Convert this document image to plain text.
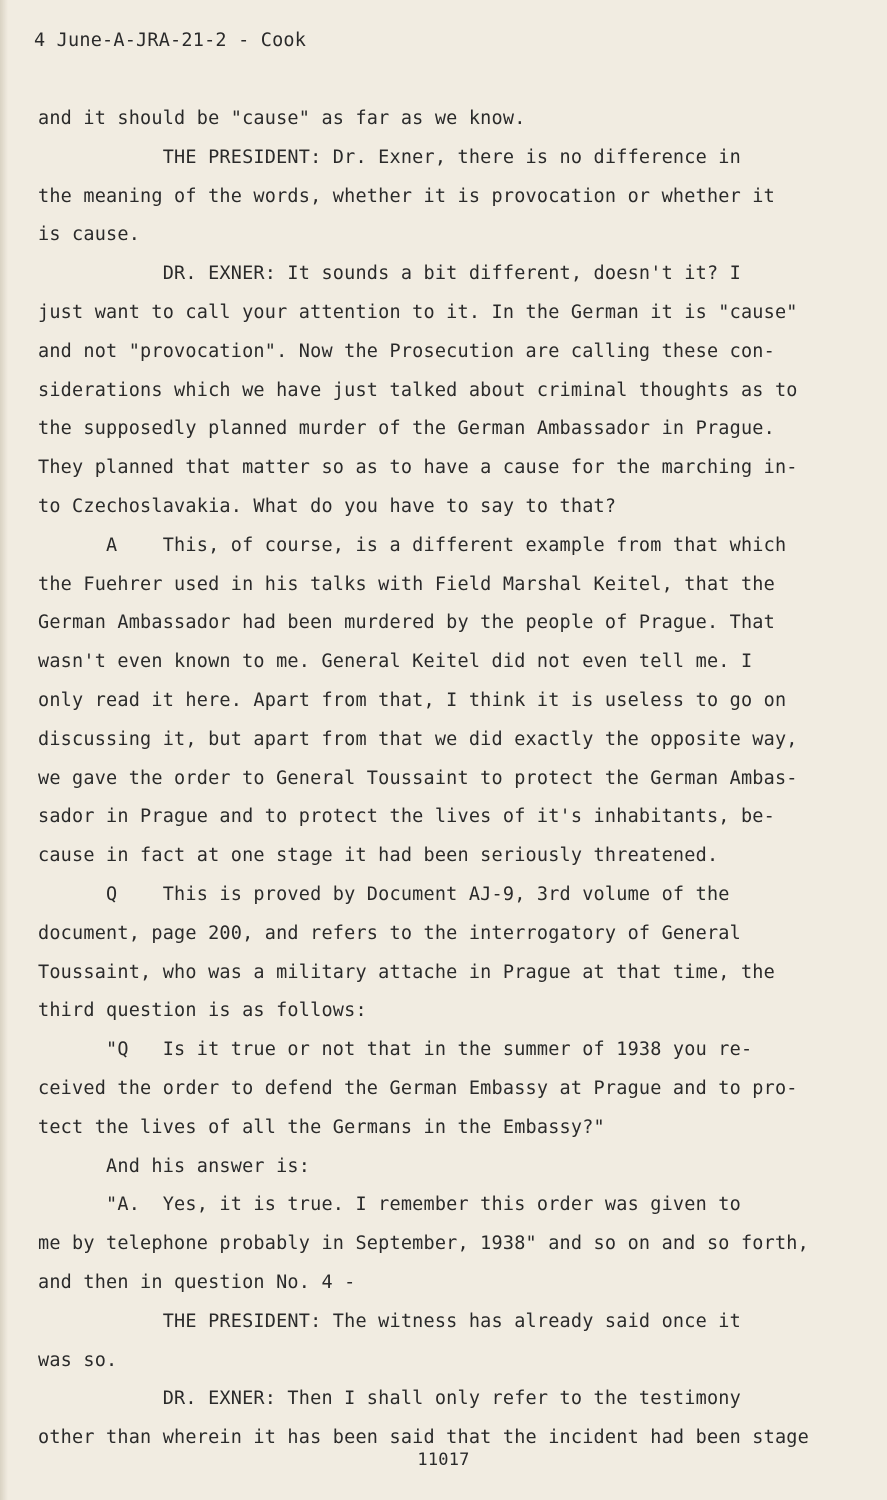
4 June-A-JRA-21-2 - Cook
and it should be "cause" as far as we know.
THE PRESIDENT: Dr. Exner, there is no difference in
the meaning of the words, whether it is provocation or whether it
is cause.
DR. EXNER: It sounds a bit different, doesn't it? I
just want to call your attention to it. In the German it is "cause"
and not "provocation". Now the Prosecution are calling these con-
siderations which we have just talked about criminal thoughts as to
the supposedly planned murder of the German Ambassador in Prague.
They planned that matter so as to have a cause for the marching in-
to Czechoslavakia. What do you have to say to that?
A    This, of course, is a different example from that which
the Fuehrer used in his talks with Field Marshal Keitel, that the
German Ambassador had been murdered by the people of Prague. That
wasn't even known to me. General Keitel did not even tell me. I
only read it here. Apart from that, I think it is useless to go on
discussing it, but apart from that we did exactly the opposite way,
we gave the order to General Toussaint to protect the German Ambas-
sador in Prague and to protect the lives of it's inhabitants, be-
cause in fact at one stage it had been seriously threatened.
Q    This is proved by Document AJ-9, 3rd volume of the
document, page 200, and refers to the interrogatory of General
Toussaint, who was a military attache in Prague at that time, the
third question is as follows:
"Q   Is it true or not that in the summer of 1938 you re-
ceived the order to defend the German Embassy at Prague and to pro-
tect the lives of all the Germans in the Embassy?"
And his answer is:
"A.  Yes, it is true. I remember this order was given to
me by telephone probably in September, 1938" and so on and so forth,
and then in question No. 4 -
THE PRESIDENT: The witness has already said once it
was so.
DR. EXNER: Then I shall only refer to the testimony
other than wherein it has been said that the incident had been stage
11017
